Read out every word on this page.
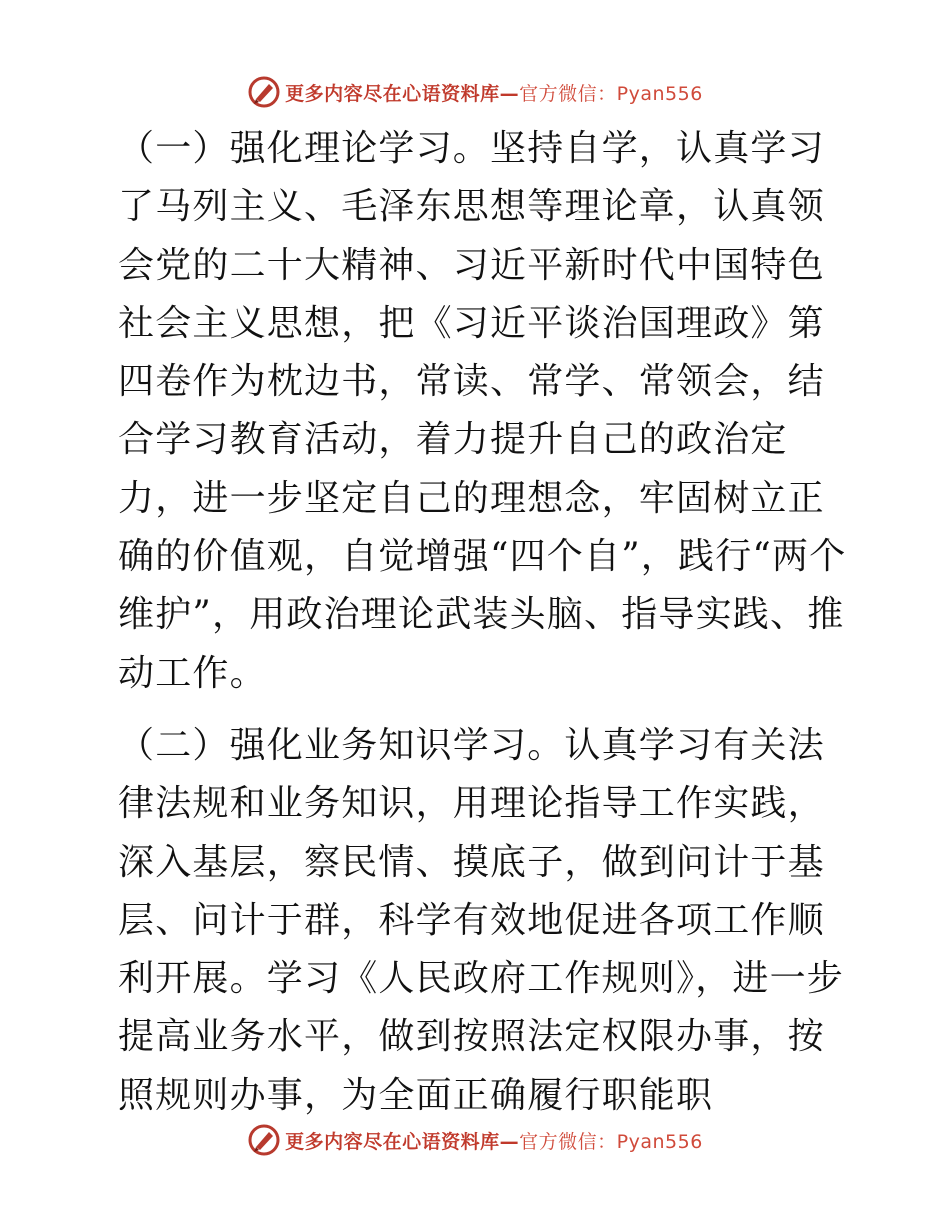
更多内容尽在心语资料库— 官方微信：Pyan556

（一）强化理论学习。坚持自学，认真学习了马列主义、毛泽东思想等理论章，认真领会党的二十大精神、习近平新时代中国特色社会主义思想，把《习近平谈治国理政》第四卷作为枕边书，常读、常学、常领会，结合学习教育活动，着力提升自己的政治定力，进一步坚定自己的理想念，牢固树立正确的价值观，自觉增强“四个自”，践行“两个维护”，用政治理论武装头脑、指导实践、推动工作。

（二）强化业务知识学习。认真学习有关法律法规和业务知识，用理论指导工作实践，深入基层，察民情、摸底子，做到问计于基层、问计于群，科学有效地促进各项工作顺利开展。学习《人民政府工作规则》，进一步提高业务水平，做到按照法定权限办事，按照规则办事，为全面正确履行职能职

更多内容尽在心语资料库— 官方微信：Pyan556
